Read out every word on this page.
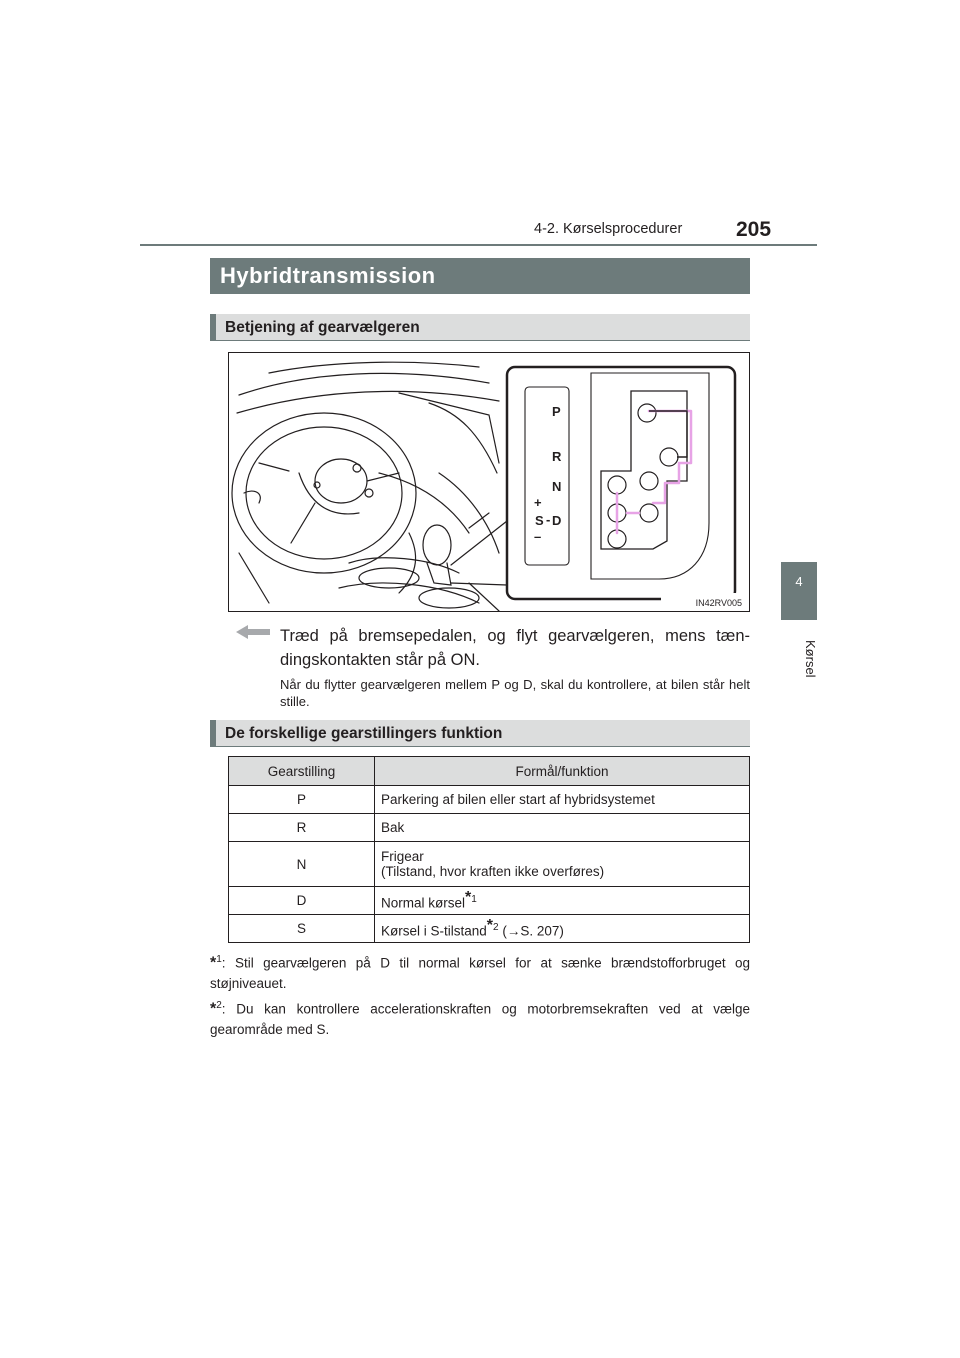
4-2. Kørselsprocedurer	205
4
Kørsel
Hybridtransmission
Betjening af gearvælgeren
P
R
N
+
S - D
–
IN42RV005
Træd på bremsepedalen, og flyt gearvælgeren, mens tæn-dingskontakten står på ON.
Når du flytter gearvælgeren mellem P og D, skal du kontrollere, at bilen står helt stille.
De forskellige gearstillingers funktion
Gearstilling	Formål/funktion
P	Parkering af bilen eller start af hybridsystemet
R	Bak
N	Frigear
(Tilstand, hvor kraften ikke overføres)
D	Normal kørsel$^{*1}$
S	Kørsel i S-tilstand$^{*2}$ (→S. 207)
*$^1$: Stil gearvælgeren på D til normal kørsel for at sænke brændstofforbruget og støjniveauet.
*$^2$: Du kan kontrollere accelerationskraften og motorbremsekraften ved at vælge gearområde med S.
